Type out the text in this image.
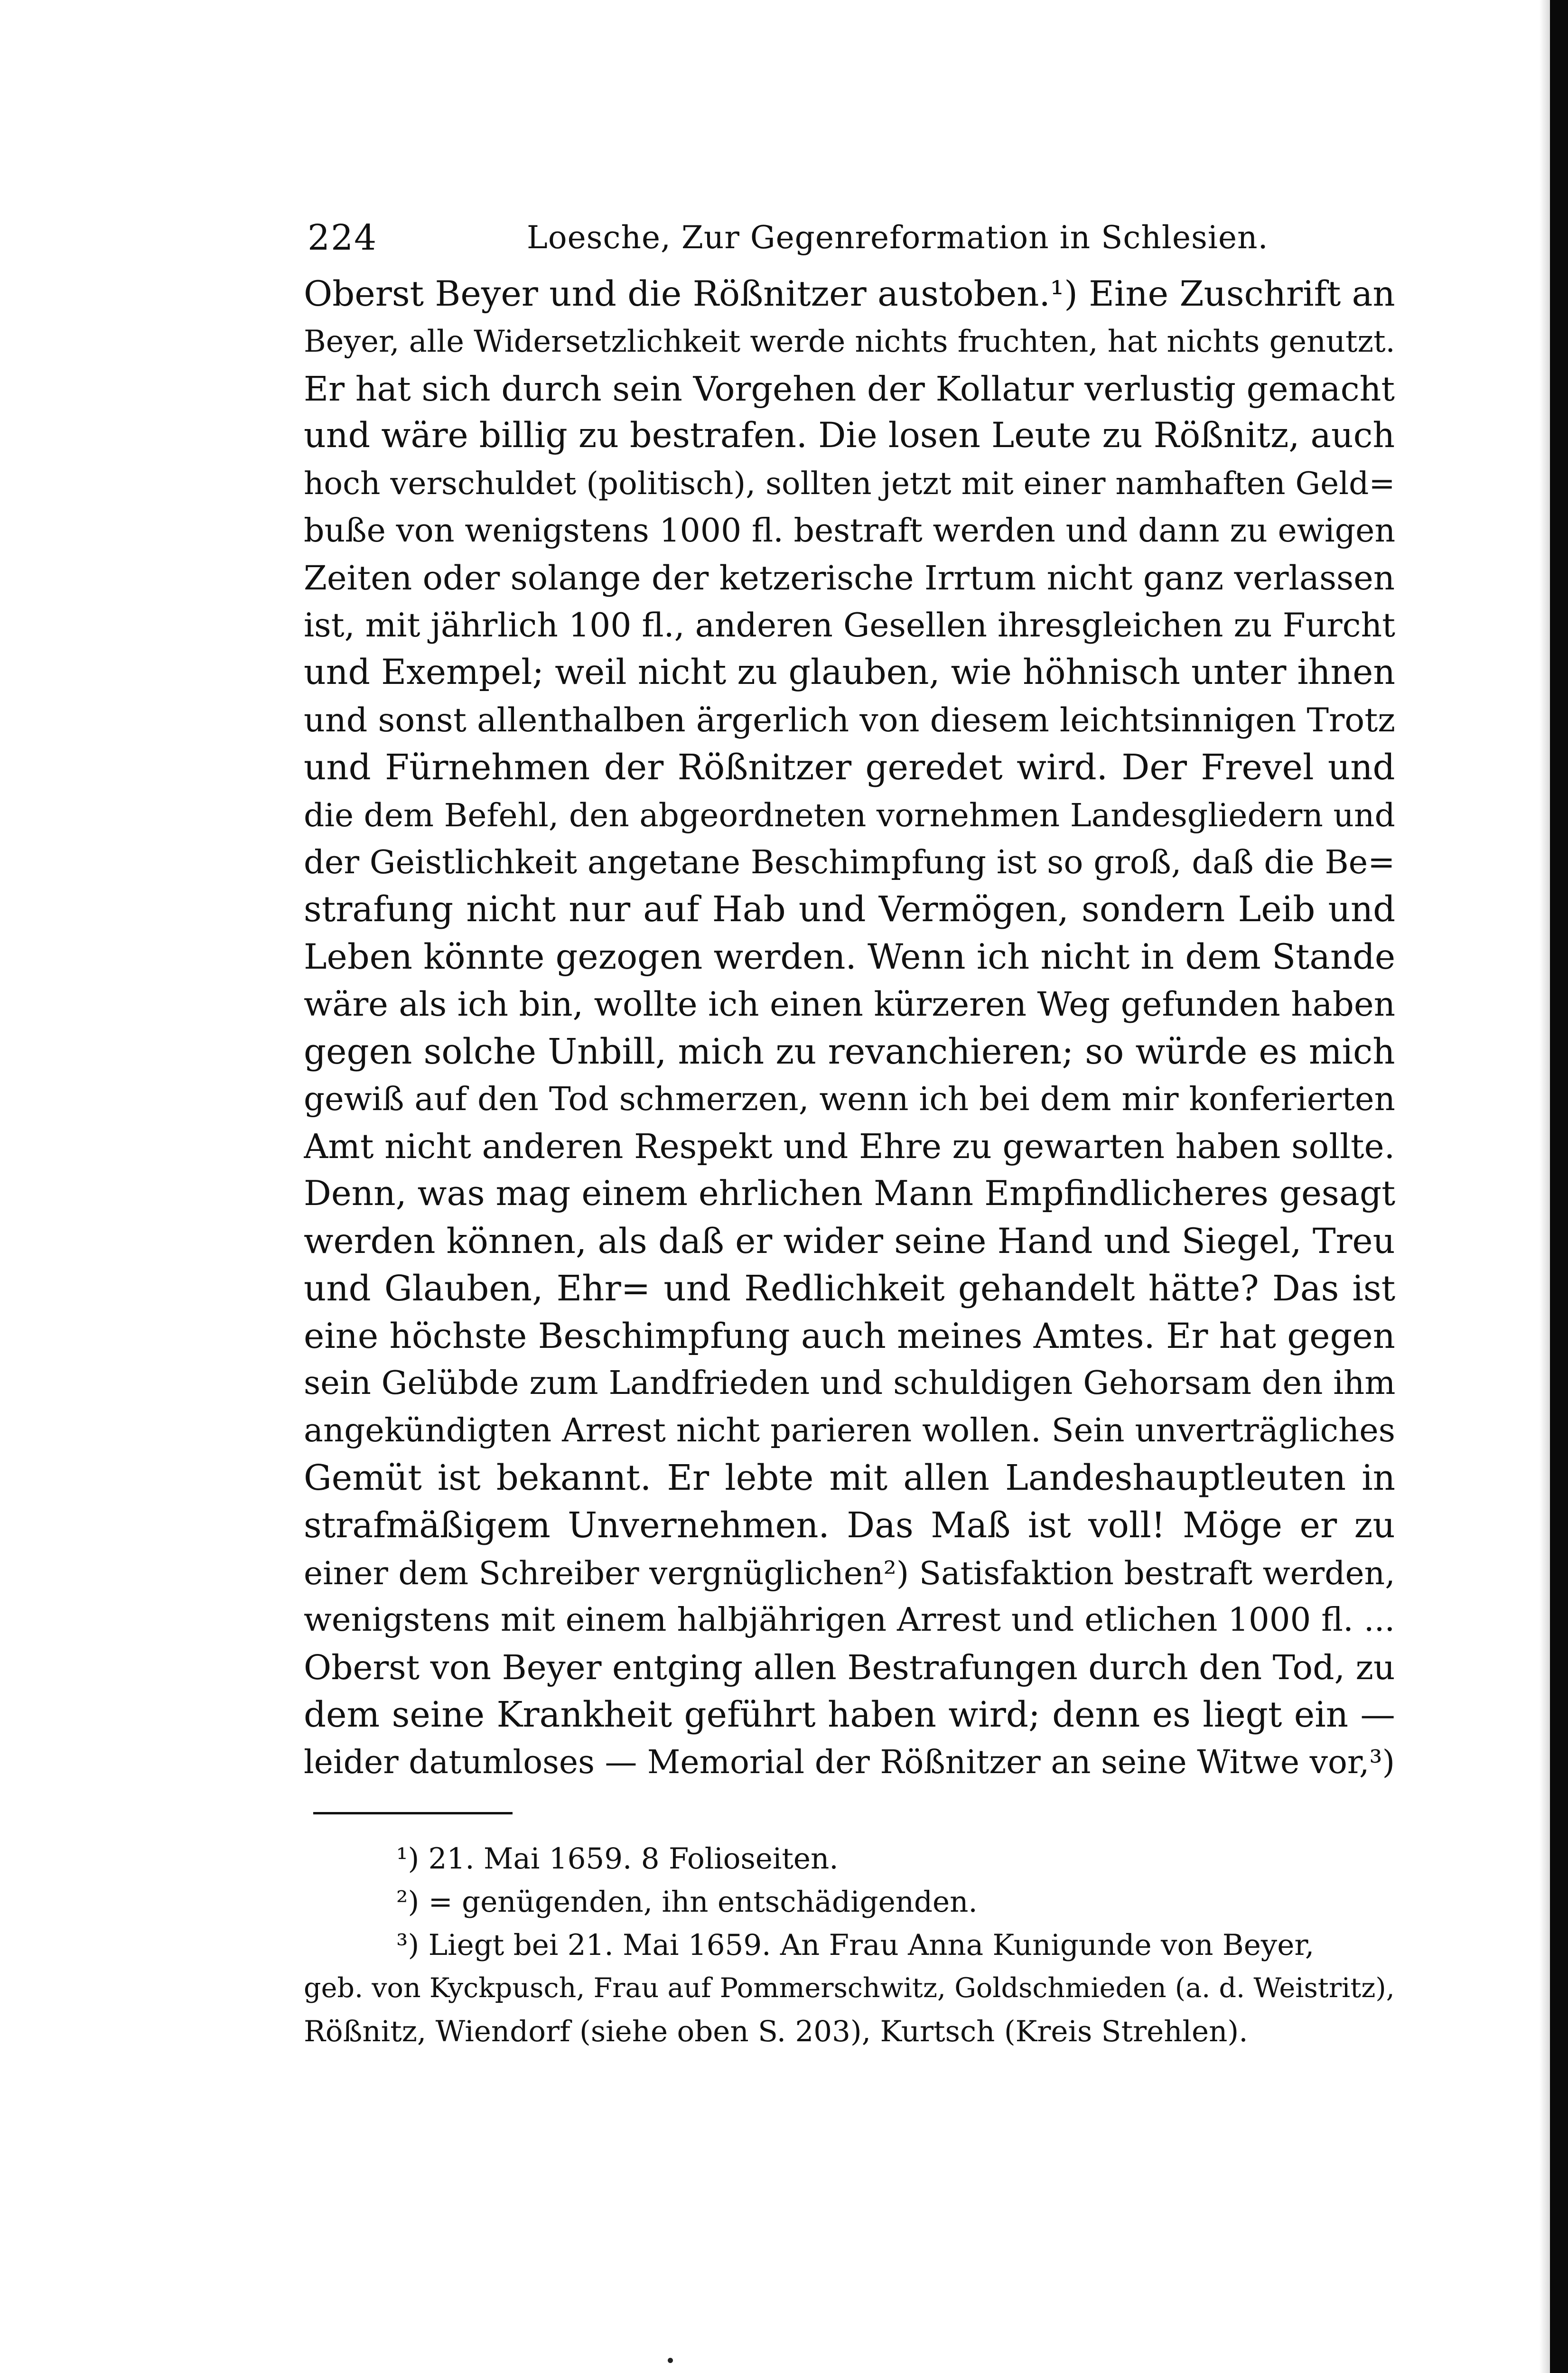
224	Loesche, Zur Gegenreformation in Schlesien.
Oberst Beyer und die Rößnitzer austoben.¹) Eine Zuschrift an
Beyer, alle Widersetzlichkeit werde nichts fruchten, hat nichts genutzt.
Er hat sich durch sein Vorgehen der Kollatur verlustig gemacht
und wäre billig zu bestrafen. Die losen Leute zu Rößnitz, auch
hoch verschuldet (politisch), sollten jetzt mit einer namhaften Geld=
buße von wenigstens 1000 fl. bestraft werden und dann zu ewigen
Zeiten oder solange der ketzerische Irrtum nicht ganz verlassen
ist, mit jährlich 100 fl., anderen Gesellen ihresgleichen zu Furcht
und Exempel; weil nicht zu glauben, wie höhnisch unter ihnen
und sonst allenthalben ärgerlich von diesem leichtsinnigen Trotz
und Fürnehmen der Rößnitzer geredet wird. Der Frevel und
die dem Befehl, den abgeordneten vornehmen Landesgliedern und
der Geistlichkeit angetane Beschimpfung ist so groß, daß die Be=
strafung nicht nur auf Hab und Vermögen, sondern Leib und
Leben könnte gezogen werden. Wenn ich nicht in dem Stande
wäre als ich bin, wollte ich einen kürzeren Weg gefunden haben
gegen solche Unbill, mich zu revanchieren; so würde es mich
gewiß auf den Tod schmerzen, wenn ich bei dem mir konferierten
Amt nicht anderen Respekt und Ehre zu gewarten haben sollte.
Denn, was mag einem ehrlichen Mann Empfindlicheres gesagt
werden können, als daß er wider seine Hand und Siegel, Treu
und Glauben, Ehr= und Redlichkeit gehandelt hätte? Das ist
eine höchste Beschimpfung auch meines Amtes. Er hat gegen
sein Gelübde zum Landfrieden und schuldigen Gehorsam den ihm
angekündigten Arrest nicht parieren wollen. Sein unverträgliches
Gemüt ist bekannt. Er lebte mit allen Landeshauptleuten in
strafmäßigem Unvernehmen. Das Maß ist voll! Möge er zu
einer dem Schreiber vergnüglichen²) Satisfaktion bestraft werden,
wenigstens mit einem halbjährigen Arrest und etlichen 1000 fl. ...
Oberst von Beyer entging allen Bestrafungen durch den Tod, zu
dem seine Krankheit geführt haben wird; denn es liegt ein —
leider datumloses — Memorial der Rößnitzer an seine Witwe vor,³)
¹) 21. Mai 1659. 8 Folioseiten.
²) = genügenden, ihn entschädigenden.
³) Liegt bei 21. Mai 1659. An Frau Anna Kunigunde von Beyer,
geb. von Kyckpusch, Frau auf Pommerschwitz, Goldschmieden (a. d. Weistritz),
Rößnitz, Wiendorf (siehe oben S. 203), Kurtsch (Kreis Strehlen).
